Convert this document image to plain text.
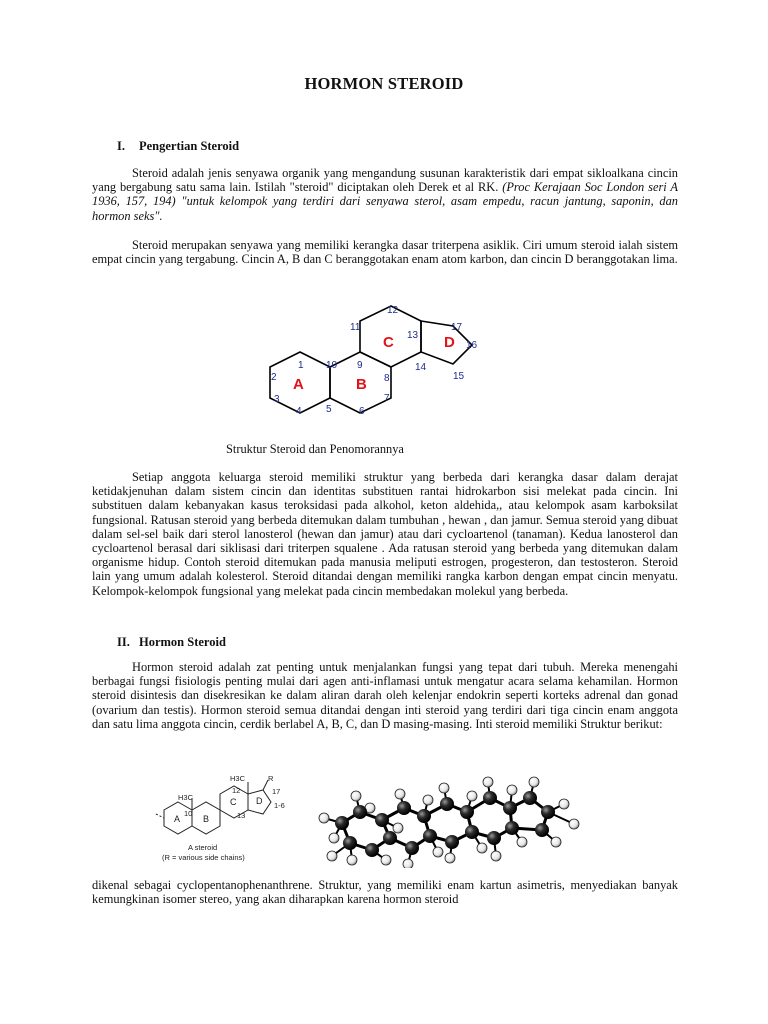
HORMON STEROID
I. Pengertian Steroid
Steroid adalah jenis senyawa organik yang mengandung susunan karakteristik dari empat sikloalkana cincin yang bergabung satu sama lain. Istilah "steroid" diciptakan oleh Derek et al RK. (Proc Kerajaan Soc London seri A 1936, 157, 194) "untuk kelompok yang terdiri dari senyawa sterol, asam empedu, racun jantung, saponin, dan hormon seks".
Steroid merupakan senyawa yang memiliki kerangka dasar triterpena asiklik. Ciri umum steroid ialah sistem empat cincin yang tergabung. Cincin A, B dan C beranggotakan enam atom karbon, dan cincin D beranggotakan lima.
A	B
C	D
1
2
3
4 5	6
7
8
9
10
11
12
13
14
15
16
17
Struktur Steroid dan Penomorannya
Setiap anggota keluarga steroid memiliki struktur yang berbeda dari kerangka dasar dalam derajat ketidakjenuhan dalam sistem cincin dan identitas substituen rantai hidrokarbon sisi melekat pada cincin. Ini substituen dalam kebanyakan kasus teroksidasi pada alkohol, keton aldehida,, atau kelompok asam karboksilat fungsional. Ratusan steroid yang berbeda ditemukan dalam tumbuhan , hewan , dan jamur. Semua steroid yang dibuat dalam sel-sel baik dari sterol lanosterol (hewan dan jamur) atau dari cycloartenol (tanaman). Kedua lanosterol dan cycloartenol berasal dari siklisasi dari triterpen squalene . Ada ratusan steroid yang berbeda yang ditemukan dalam organisme hidup. Contoh steroid ditemukan pada manusia meliputi estrogen, progesteron, dan testosteron. Steroid lain yang umum adalah kolesterol. Steroid ditandai dengan memiliki rangka karbon dengan empat cincin menyatu. Kelompok-kelompok fungsional yang melekat pada cincin membedakan molekul yang berbeda.
II. Hormon Steroid
Hormon steroid adalah zat penting untuk menjalankan fungsi yang tepat dari tubuh. Mereka menengahi berbagai fungsi fisiologis penting mulai dari agen anti-inflamasi untuk mengatur acara selama kehamilan. Hormon steroid disintesis dan disekresikan ke dalam aliran darah oleh kelenjar endokrin seperti korteks adrenal dan gonad (ovarium dan testis). Hormon steroid semua ditandai dengan inti steroid yang terdiri dari tiga cincin enam anggota dan satu lima anggota cincin, cerdik berlabel A, B, C, dan D masing-masing. Inti steroid memiliki Struktur berikut:
H3C
H3C	R
17
1-6
13
12
10
A	B
C D
A steroid
(R = various side chains)
dikenal sebagai cyclopentanophenanthrene. Struktur, yang memiliki enam kartun asimetris, menyediakan banyak kemungkinan isomer stereo, yang akan diharapkan karena hormon steroid
